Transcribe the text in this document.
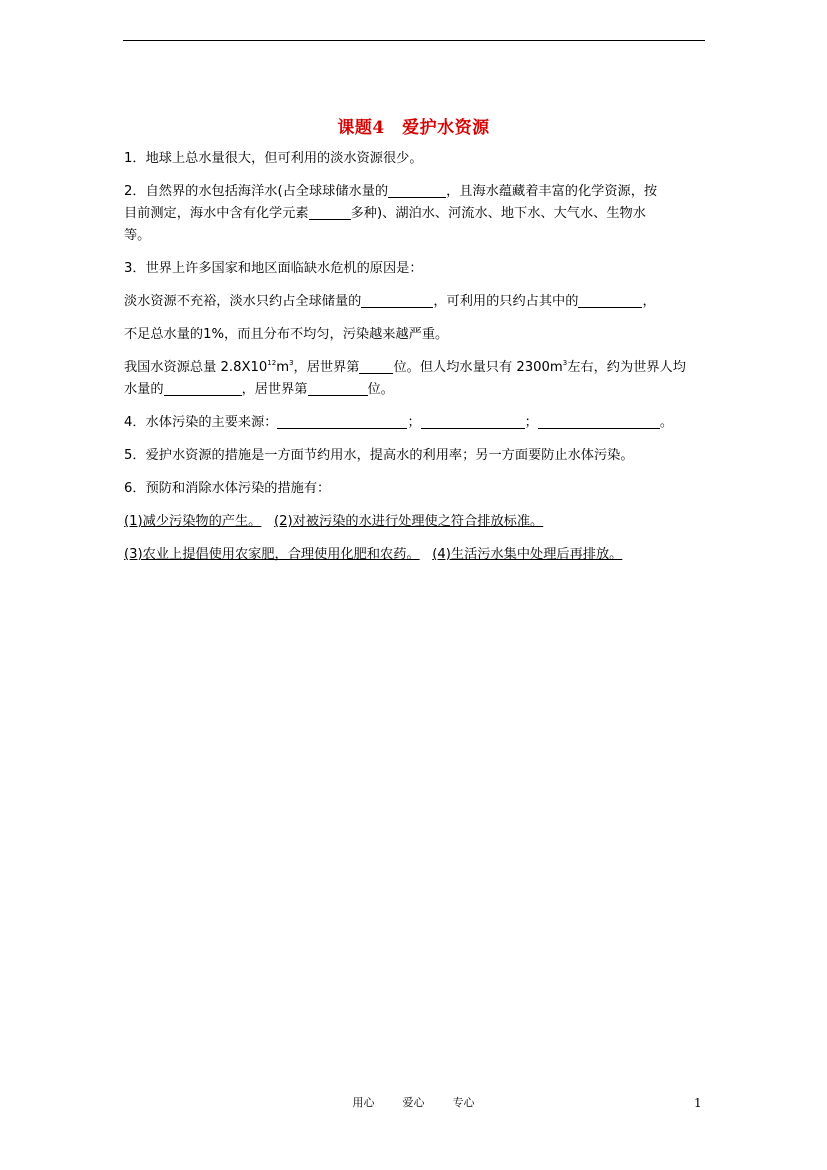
课题4　爱护水资源

1．地球上总水量很大，但可利用的淡水资源很少。

2．自然界的水包括海洋水(占全球球储水量的	，且海水蕴藏着丰富的化学资源，按
目前测定，海水中含有化学元素	多种)、湖泊水、河流水、地下水、大气水、生物水
等。

3．世界上许多国家和地区面临缺水危机的原因是：

淡水资源不充裕，淡水只约占全球储量的	，可利用的只约占其中的	，

不足总水量的1%，而且分布不均匀，污染越来越严重。

我国水资源总量 $2.8X10^{12}m^3$，居世界第	位。但人均水量只有 $2300m^3$左右，约为世界人均
水量的	，居世界第	位。

4．水体污染的主要来源：	；	；	。

5．爱护水资源的措施是一方面节约用水，提高水的利用率；另一方面要防止水体污染。

6．预防和消除水体污染的措施有：

(1)减少污染物的产生。 (2)对被污染的水进行处理使之符合排放标准。

(3)农业上提倡使用农家肥，合理使用化肥和农药。 (4)生活污水集中处理后再排放。

用心	爱心	专心	1
